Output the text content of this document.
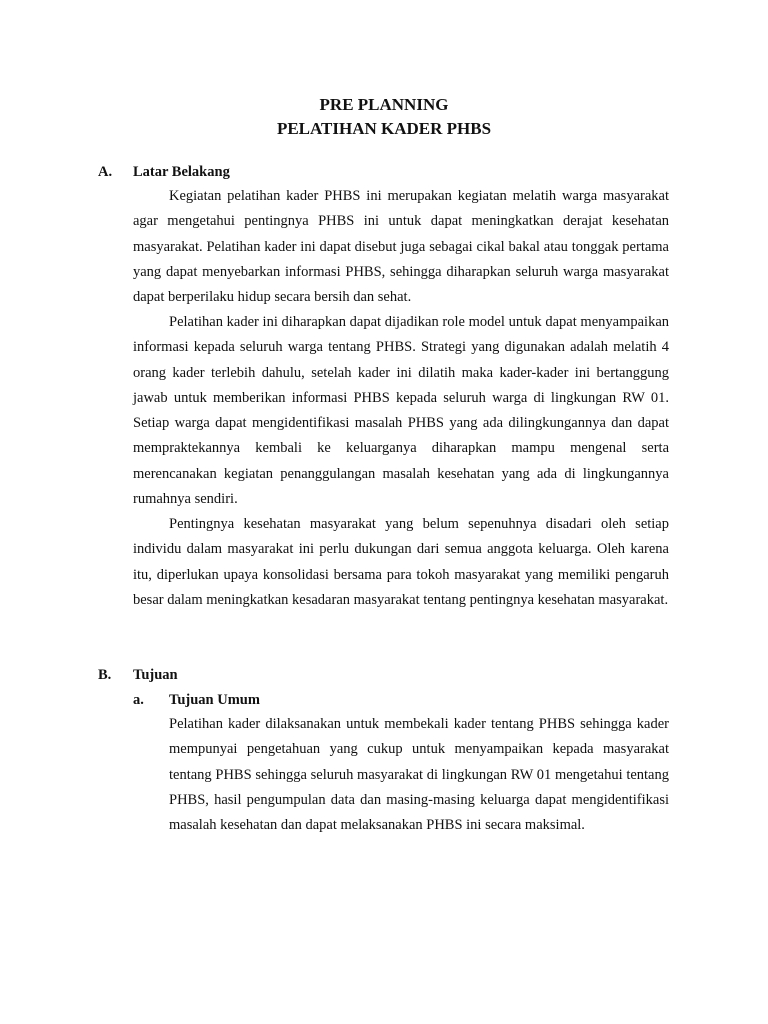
PRE PLANNING
PELATIHAN KADER PHBS
A. Latar Belakang

Kegiatan pelatihan kader PHBS ini merupakan kegiatan melatih warga masyarakat agar mengetahui pentingnya PHBS ini untuk dapat meningkatkan derajat kesehatan masyarakat. Pelatihan kader ini dapat disebut juga sebagai cikal bakal atau tonggak pertama yang dapat menyebarkan informasi PHBS, sehingga diharapkan seluruh warga masyarakat dapat berperilaku hidup secara bersih dan sehat.

Pelatihan kader ini diharapkan dapat dijadikan role model untuk dapat menyampaikan informasi kepada seluruh warga tentang PHBS. Strategi yang digunakan adalah melatih 4 orang kader terlebih dahulu, setelah kader ini dilatih maka kader-kader ini bertanggung jawab untuk memberikan informasi PHBS kepada seluruh warga di lingkungan RW 01. Setiap warga dapat mengidentifikasi masalah PHBS yang ada dilingkungannya dan dapat mempraktekannya kembali ke keluarganya diharapkan mampu mengenal serta merencanakan kegiatan penanggulangan masalah kesehatan yang ada di lingkungannya rumahnya sendiri.

Pentingnya kesehatan masyarakat yang belum sepenuhnya disadari oleh setiap individu dalam masyarakat ini perlu dukungan dari semua anggota keluarga. Oleh karena itu, diperlukan upaya konsolidasi bersama para tokoh masyarakat yang memiliki pengaruh besar dalam meningkatkan kesadaran masyarakat tentang pentingnya kesehatan masyarakat.

B. Tujuan
a. Tujuan Umum

Pelatihan kader dilaksanakan untuk membekali kader tentang PHBS sehingga kader mempunyai pengetahuan yang cukup untuk menyampaikan kepada masyarakat tentang PHBS sehingga seluruh masyarakat di lingkungan RW 01 mengetahui tentang PHBS, hasil pengumpulan data dan masing-masing keluarga dapat mengidentifikasi masalah kesehatan dan dapat melaksanakan PHBS ini secara maksimal.
